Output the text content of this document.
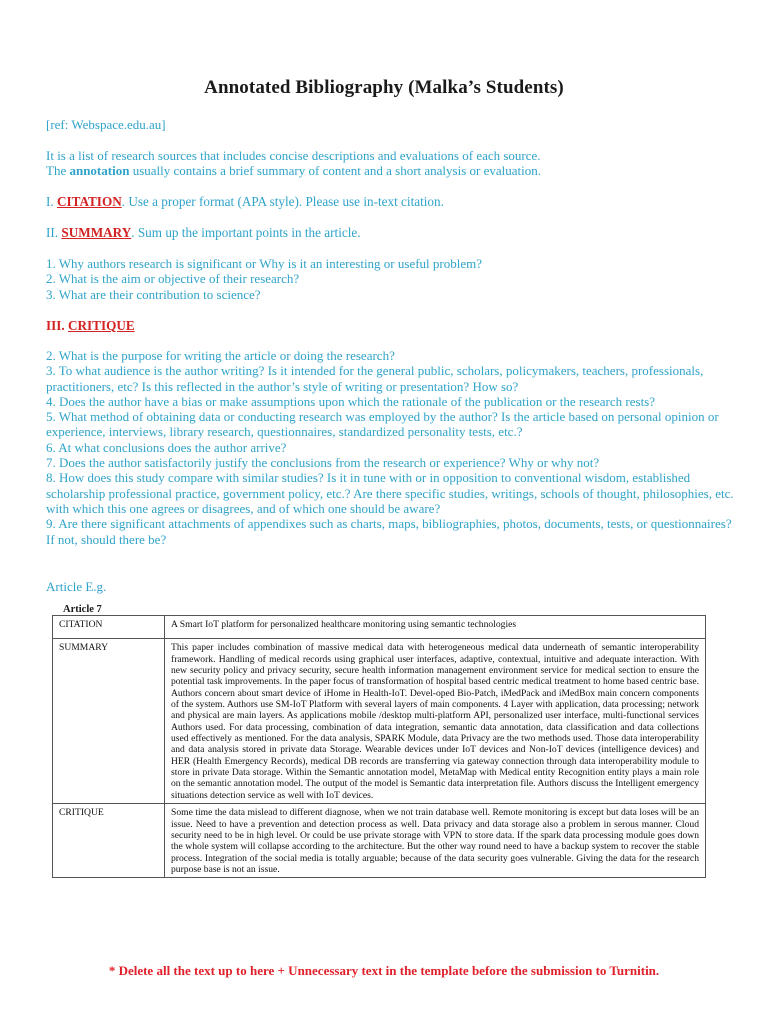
Annotated Bibliography (Malka’s Students)
[ref: Webspace.edu.au]
It is a list of research sources that includes concise descriptions and evaluations of each source.
The annotation usually contains a brief summary of content and a short analysis or evaluation.
I. CITATION. Use a proper format (APA style). Please use in-text citation.
II. SUMMARY. Sum up the important points in the article.
1. Why authors research is significant or Why is it an interesting or useful problem?
2. What is the aim or objective of their research?
3. What are their contribution to science?
III. CRITIQUE
2. What is the purpose for writing the article or doing the research?
3. To what audience is the author writing? Is it intended for the general public, scholars, policymakers, teachers, professionals, practitioners, etc? Is this reflected in the author’s style of writing or presentation? How so?
4. Does the author have a bias or make assumptions upon which the rationale of the publication or the research rests?
5. What method of obtaining data or conducting research was employed by the author? Is the article based on personal opinion or experience, interviews, library research, questionnaires, standardized personality tests, etc.?
6. At what conclusions does the author arrive?
7. Does the author satisfactorily justify the conclusions from the research or experience? Why or why not?
8. How does this study compare with similar studies? Is it in tune with or in opposition to conventional wisdom, established scholarship professional practice, government policy, etc.? Are there specific studies, writings, schools of thought, philosophies, etc. with which this one agrees or disagrees, and of which one should be aware?
9. Are there significant attachments of appendixes such as charts, maps, bibliographies, photos, documents, tests, or questionnaires? If not, should there be?
Article E.g.
Article 7
CITATION	A Smart IoT platform for personalized healthcare monitoring using semantic technologies
SUMMARY	This paper includes combination of massive medical data with heterogeneous medical data underneath of semantic interoperability framework. Handling of medical records using graphical user interfaces, adaptive, contextual, intuitive and adequate interaction. With new security policy and privacy security, secure health information management environment service for medical section to ensure the potential task improvements. In the paper focus of transformation of hospital based centric medical treatment to home based centric base. Authors concern about smart device of iHome in Health-IoT. Devel-oped Bio-Patch, iMedPack and iMedBox main concern components of the system. Authors use SM-IoT Platform with several layers of main components. 4 Layer with application, data processing; network and physical are main layers. As applications mobile /desktop multi-platform API, personalized user interface, multi-functional services Authors used. For data processing, combination of data integration, semantic data annotation, data classification and data collections used effectively as mentioned. For the data analysis, SPARK Module, data Privacy are the two methods used. Those data interoperability and data analysis stored in private data Storage. Wearable devices under IoT devices and Non-IoT devices (intelligence devices) and HER (Health Emergency Records), medical DB records are transferring via gateway connection through data interoperability module to store in private Data storage. Within the Semantic annotation model, MetaMap with Medical entity Recognition entity plays a main role on the semantic annotation model. The output of the model is Semantic data interpretation file. Authors discuss the Intelligent emergency situations detection service as well with IoT devices.
CRITIQUE	Some time the data mislead to different diagnose, when we not train database well. Remote monitoring is except but data loses will be an issue. Need to have a prevention and detection process as well. Data privacy and data storage also a problem in serous manner. Cloud security need to be in high level. Or could be use private storage with VPN to store data. If the spark data processing module goes down the whole system will collapse according to the architecture. But the other way round need to have a backup system to recover the stable process. Integration of the social media is totally arguable; because of the data security goes vulnerable. Giving the data for the research purpose base is not an issue.
* Delete all the text up to here + Unnecessary text in the template before the submission to Turnitin.
